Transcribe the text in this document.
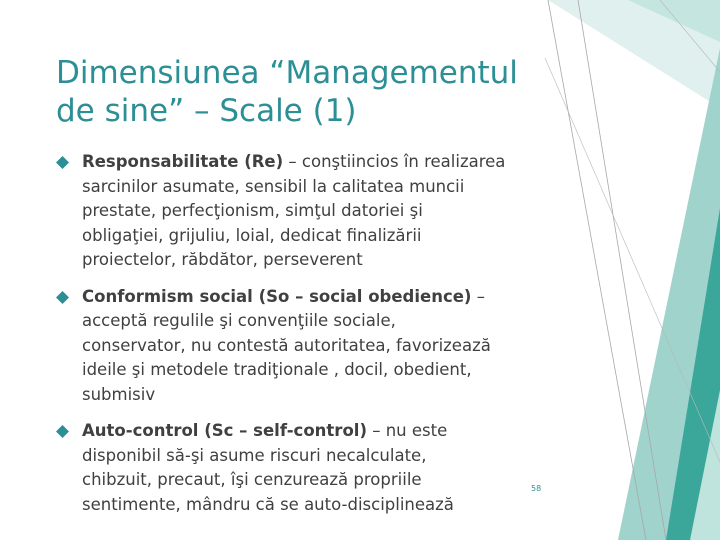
Dimensiunea “Managementul
de sine” – Scale (1)
Responsabilitate (Re) – conştiincios în realizarea
sarcinilor asumate, sensibil la calitatea muncii
prestate, perfecţionism, simţul datoriei şi
obligaţiei, grijuliu, loial, dedicat finalizării
proiectelor, răbdător, perseverent
Conformism social (So – social obedience) –
acceptă regulile şi convenţiile sociale,
conservator, nu contestă autoritatea, favorizează
ideile şi metodele tradiţionale , docil, obedient,
submisiv
Auto-control (Sc – self-control) – nu este
disponibil să-şi asume riscuri necalculate,
chibzuit, precaut, îşi cenzurează propriile
sentimente, mândru că se auto-disciplinează
58
